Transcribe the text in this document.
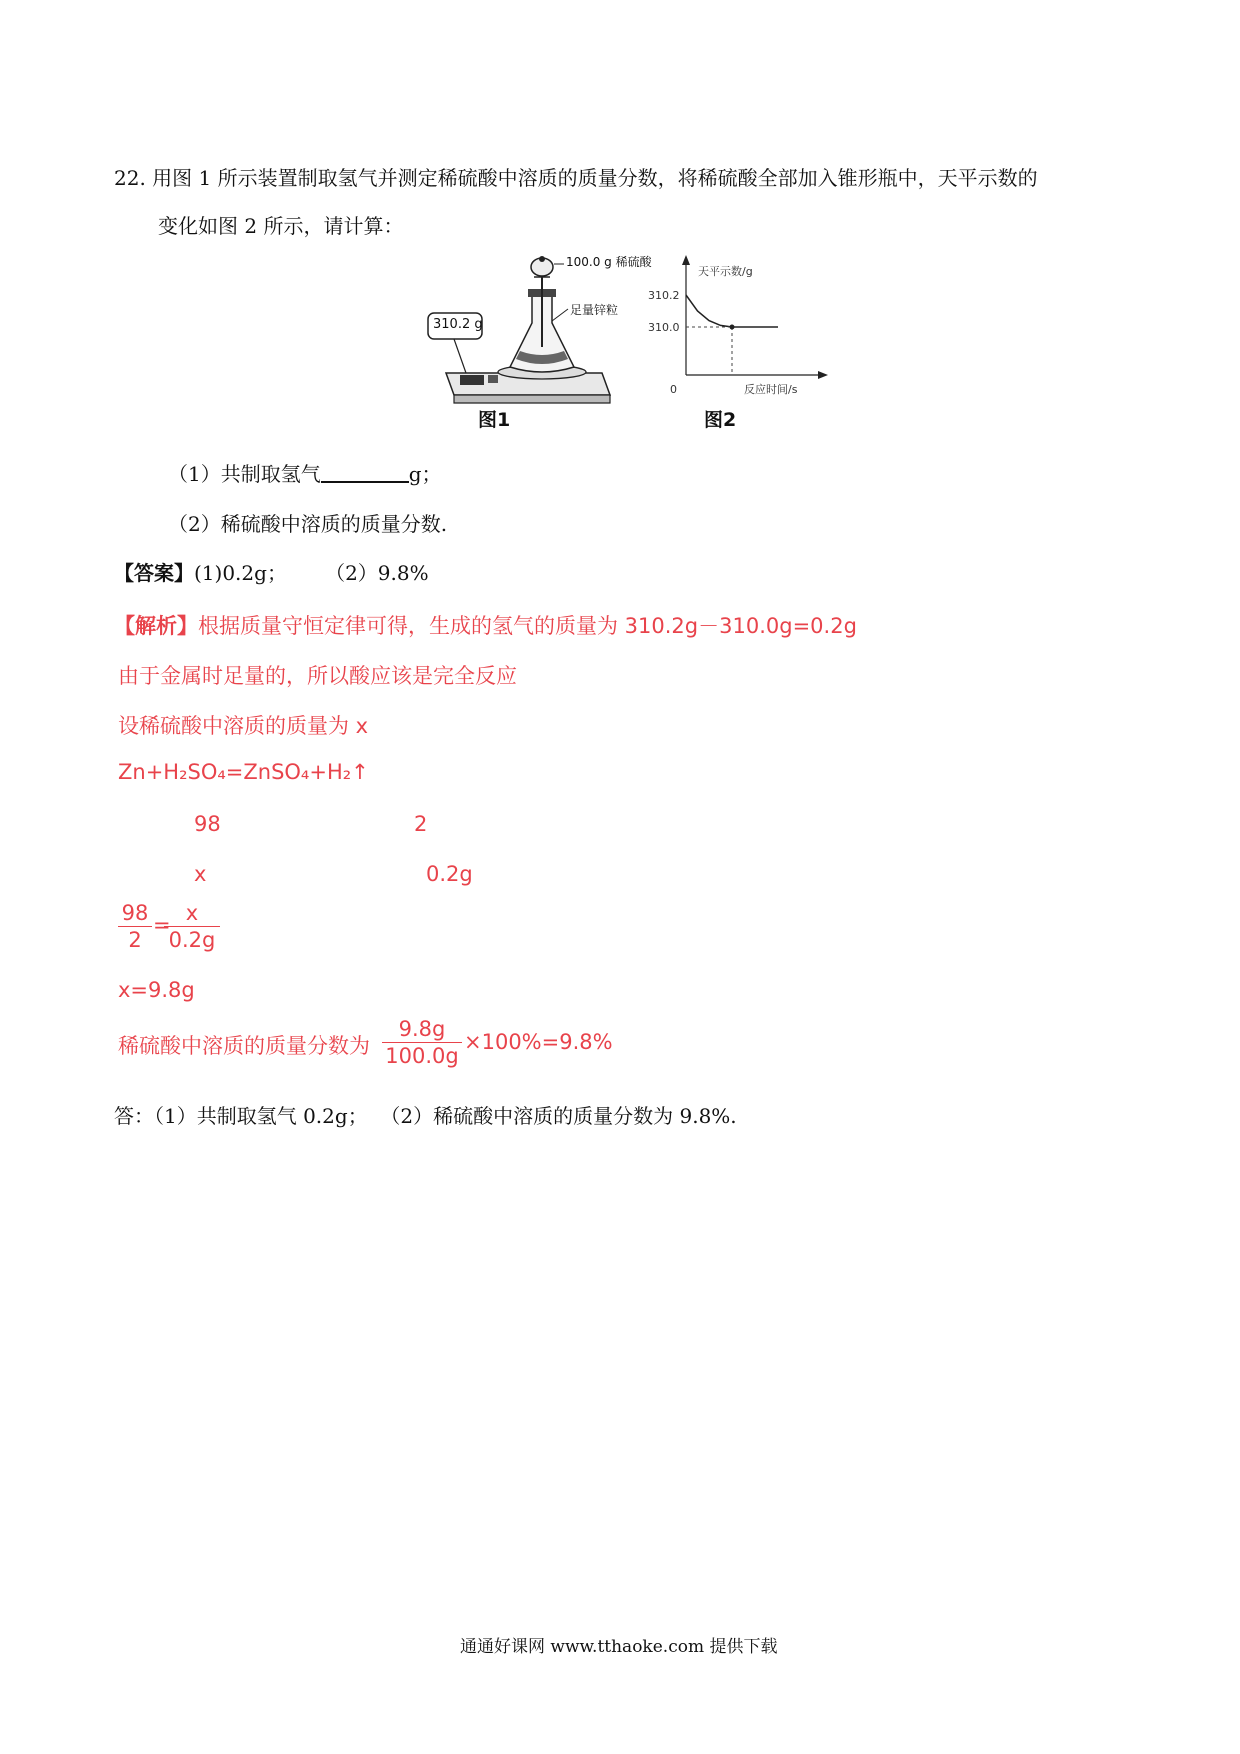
22. 用图 1 所示装置制取氢气并测定稀硫酸中溶质的质量分数，将稀硫酸全部加入锥形瓶中，天平示数的
变化如图 2 所示，请计算：
100.0 g 稀硫酸
足量锌粒
310.2 g
图1
天平示数/g
310.2
310.0
0	反应时间/s
图2
（1）共制取氢气	g；
（2）稀硫酸中溶质的质量分数.
【答案】(1)0.2g；      （2）9.8%
【解析】根据质量守恒定律可得，生成的氢气的质量为 310.2g－310.0g=0.2g
由于金属时足量的，所以酸应该是完全反应
设稀硫酸中溶质的质量为 x
Zn+H₂SO₄=ZnSO₄+H₂↑
98	2
x	0.2g
98
2
= x
0.2g
x=9.8g
稀硫酸中溶质的质量分数为
9.8g
100.0g
×100%=9.8%
答：（1）共制取氢气 0.2g；  （2）稀硫酸中溶质的质量分数为 9.8%.
通通好课网 www.tthaoke.com 提供下载
